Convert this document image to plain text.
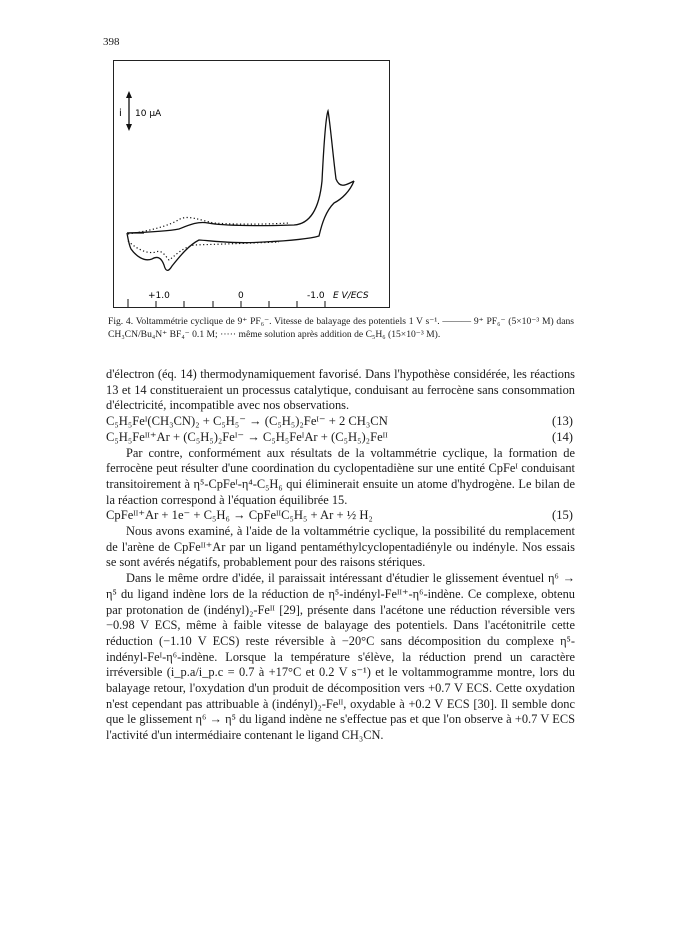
398
i 10 μA
+1.0	0	-1.0 E V/ECS
Fig. 4. Voltammétrie cyclique de 9⁺ PF₆⁻. Vitesse de balayage des potentiels 1 V s⁻¹. ——— 9⁺ PF₆⁻ (5×10⁻³ M) dans CH₃CN/Bu₄N⁺ BF₄⁻ 0.1 M; ····· même solution après addition de C₅H₆ (15×10⁻³ M).

d'électron (éq. 14) thermodynamiquement favorisé. Dans l'hypothèse considérée, les réactions 13 et 14 constitueraient un processus catalytique, conduisant au ferrocène sans consommation d'électricité, incompatible avec nos observations.

C₅H₅Feᴵ(CH₃CN)₂ + C₅H₅⁻ → (C₅H₅)₂Feᴵ⁻ + 2 CH₃CN	(13)
C₅H₅Feᴵᴵ⁺Ar + (C₅H₅)₂Feᴵ⁻ → C₅H₅FeᴵAr + (C₅H₅)₂Feᴵᴵ	(14)

Par contre, conformément aux résultats de la voltammétrie cyclique, la formation de ferrocène peut résulter d'une coordination du cyclopentadiène sur une entité CpFeᴵ conduisant transitoirement à η⁵-CpFeᴵ-η⁴-C₅H₆ qui éliminerait ensuite un atome d'hydrogène. Le bilan de la réaction correspond à l'équation équilibrée 15.

CpFeᴵᴵ⁺Ar + 1e⁻ + C₅H₆ → CpFeᴵᴵC₅H₅ + Ar + ½ H₂	(15)

Nous avons examiné, à l'aide de la voltammétrie cyclique, la possibilité du remplacement de l'arène de CpFeᴵᴵ⁺Ar par un ligand pentaméthylcyclopentadiényle ou indényle. Nos essais se sont avérés négatifs, probablement pour des raisons stériques.

Dans le même ordre d'idée, il paraissait intéressant d'étudier le glissement éventuel η⁶ → η⁵ du ligand indène lors de la réduction de η⁵-indényl-Feᴵᴵ⁺-η⁶-indène. Ce complexe, obtenu par protonation de (indényl)₂-Feᴵᴵ [29], présente dans l'acétone une réduction réversible vers −0.98 V ECS, même à faible vitesse de balayage des potentiels. Dans l'acétonitrile cette réduction (−1.10 V ECS) reste réversible à −20°C sans décomposition du complexe η⁵-indényl-Feᴵ-η⁶-indène. Lorsque la température s'élève, la réduction prend un caractère irréversible (i_p.a/i_p.c = 0.7 à +17°C et 0.2 V s⁻¹) et le voltammogramme montre, lors du balayage retour, l'oxydation d'un produit de décomposition vers +0.7 V ECS. Cette oxydation n'est cependant pas attribuable à (indényl)₂-Feᴵᴵ, oxydable à +0.2 V ECS [30]. Il semble donc que le glissement η⁶ → η⁵ du ligand indène ne s'effectue pas et que l'on observe à +0.7 V ECS l'activité d'un intermédiaire contenant le ligand CH₃CN.
